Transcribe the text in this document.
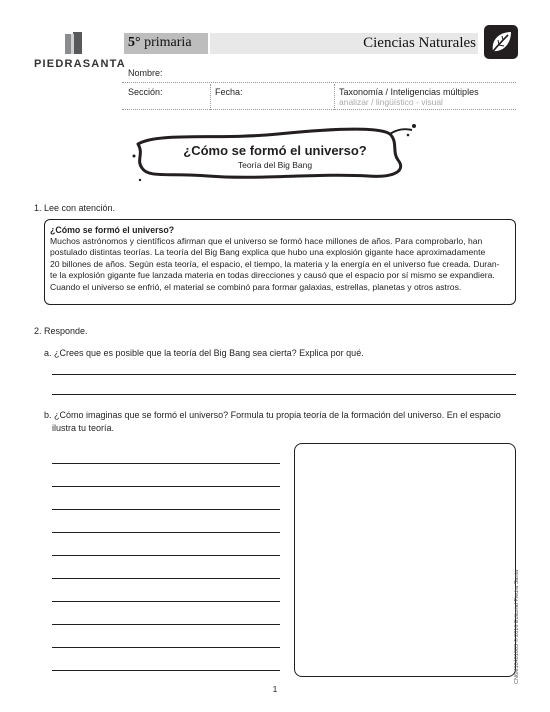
PIEDRASANTA
5° primaria	Ciencias Naturales
Nombre:
Sección:	Fecha:	Taxonomía / Inteligencias múltiples
analizar / lingüístico - visual
¿Cómo se formó el universo?
Teoría del Big Bang
1. Lee con atención.
¿Cómo se formó el universo?
Muchos astrónomos y científicos afirman que el universo se formó hace millones de años. Para comprobarlo, han
postulado distintas teorías. La teoría del Big Bang explica que hubo una explosión gigante hace aproximadamente
20 billones de años. Según esta teoría, el espacio, el tiempo, la materia y la energía en el universo fue creada. Duran-
te la explosión gigante fue lanzada materia en todas direcciones y causó que el espacio por sí mismo se expandiera.
Cuando el universo se enfrió, el material se combinó para formar galaxias, estrellas, planetas y otros astros.
2. Responde.
a. ¿Crees que es posible que la teoría del Big Bang sea cierta? Explica por qué.
b. ¿Cómo imaginas que se formó el universo? Formula tu propia teoría de la formación del universo. En el espacio
ilustra tu teoría.
CN6M10401003 © 2016 Editorial Piedra Santa
1
